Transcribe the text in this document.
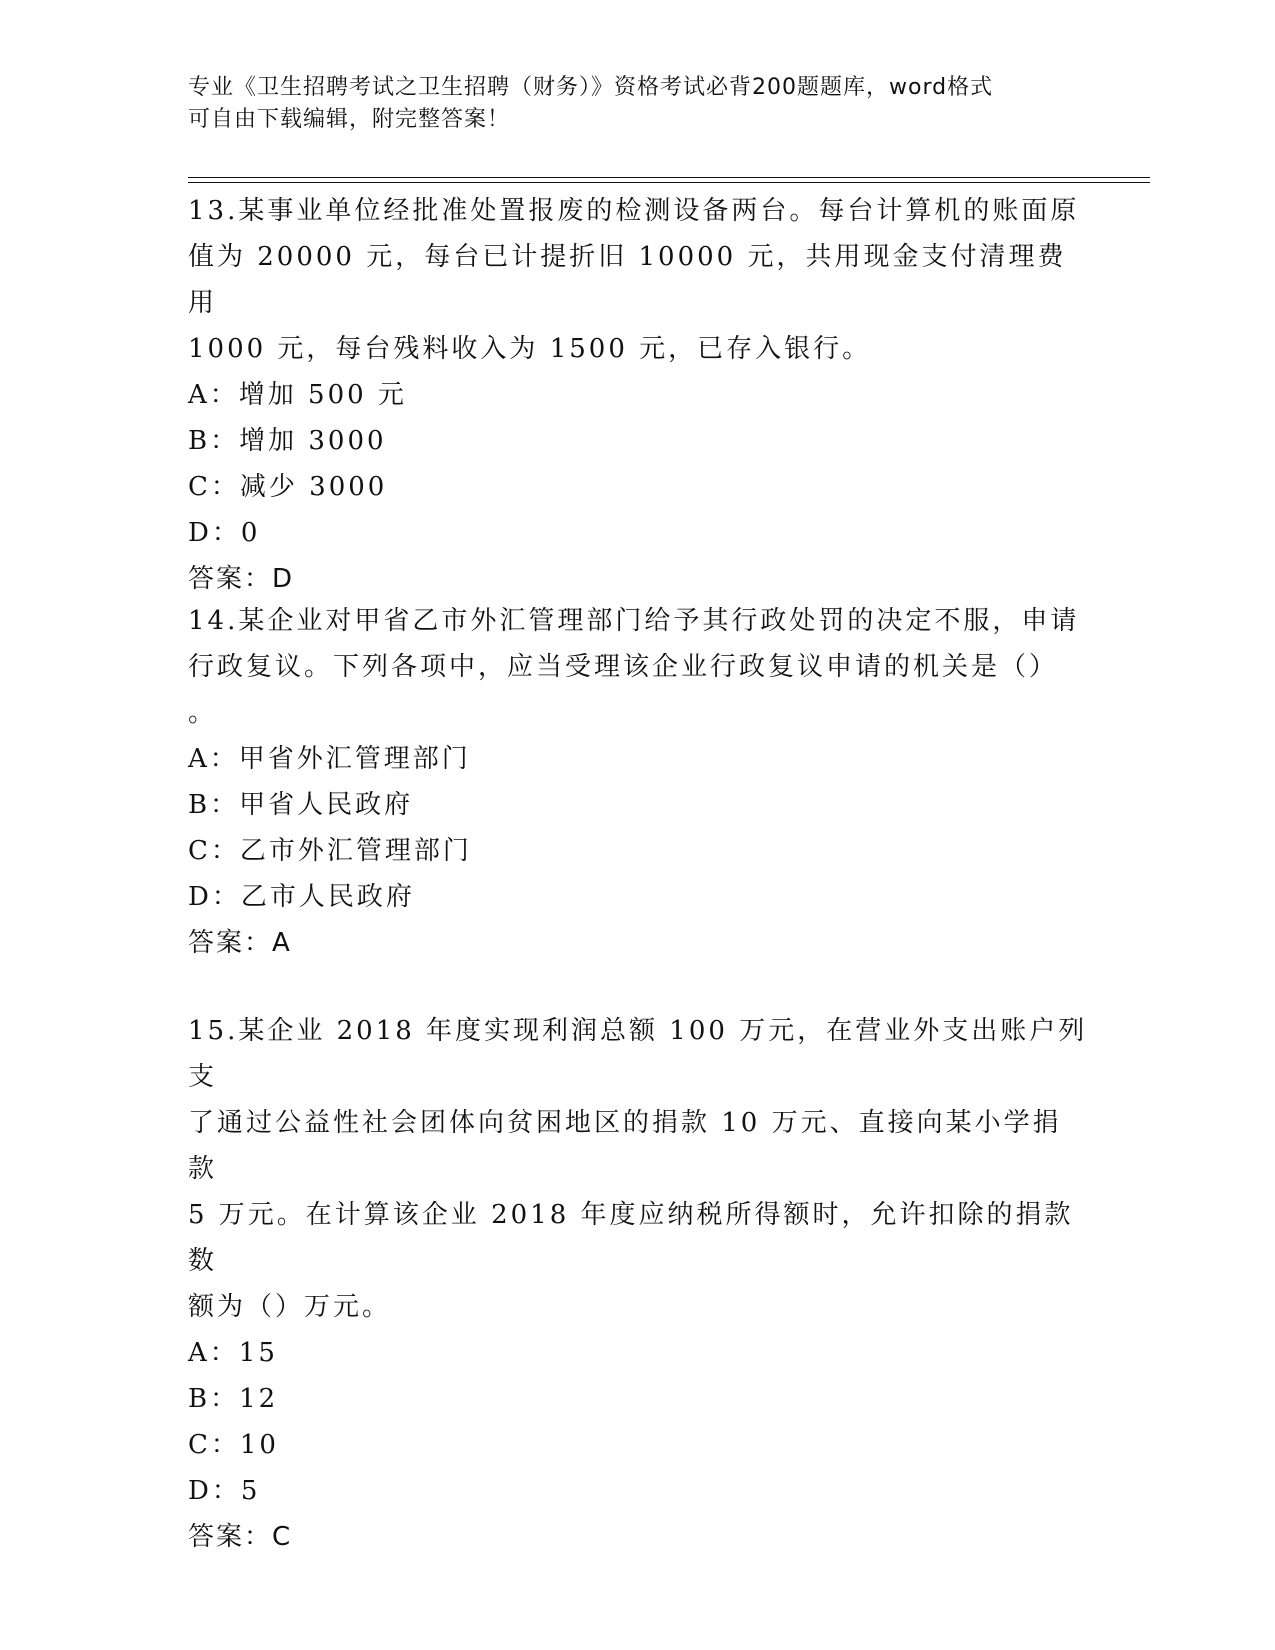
专业《卫生招聘考试之卫生招聘（财务）》资格考试必背200题题库，word格式
可自由下载编辑，附完整答案！

13.某事业单位经批准处置报废的检测设备两台。每台计算机的账面原

值为 20000 元，每台已计提折旧 10000 元，共用现金支付清理费用

1000 元，每台残料收入为 1500 元，已存入银行。

A：增加 500 元

B：增加 3000

C：减少 3000

D：0

答案：D

14.某企业对甲省乙市外汇管理部门给予其行政处罚的决定不服，申请

行政复议。下列各项中，应当受理该企业行政复议申请的机关是（）

。

A：甲省外汇管理部门

B：甲省人民政府

C：乙市外汇管理部门

D：乙市人民政府

答案：A

15.某企业 2018 年度实现利润总额 100 万元，在营业外支出账户列支

了通过公益性社会团体向贫困地区的捐款 10 万元、直接向某小学捐款

5 万元。在计算该企业 2018 年度应纳税所得额时，允许扣除的捐款数

额为（）万元。

A：15

B：12

C：10

D：5

答案：C
